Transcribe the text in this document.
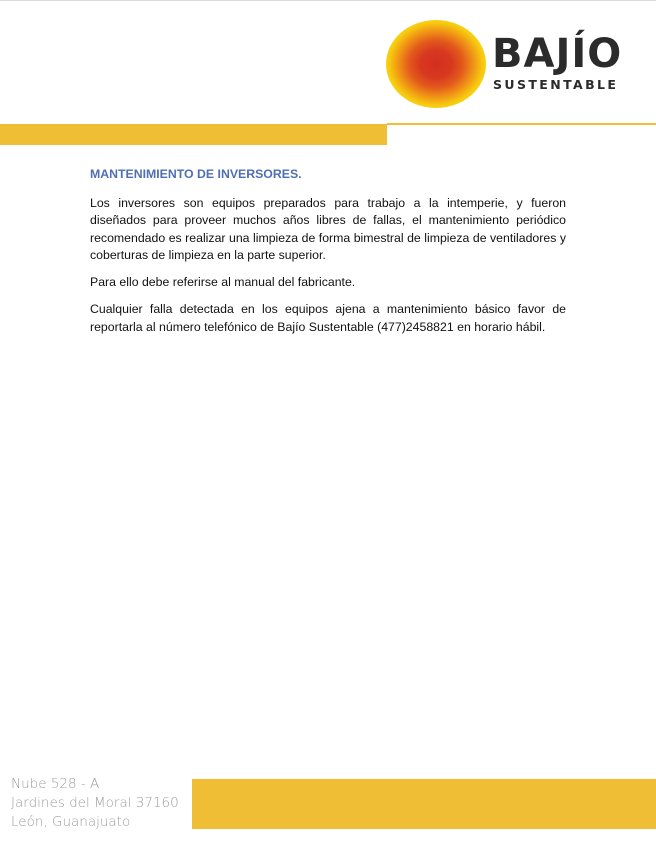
BAJÍO
SUSTENTABLE

MANTENIMIENTO DE INVERSORES.

Los inversores son equipos preparados para trabajo a la intemperie, y fueron diseñados para proveer muchos años libres de fallas, el mantenimiento periódico recomendado es realizar una limpieza de forma bimestral de limpieza de ventiladores y coberturas de limpieza en la parte superior.

Para ello debe referirse al manual del fabricante.

Cualquier falla detectada en los equipos ajena a mantenimiento básico favor de reportarla al número telefónico de Bajío Sustentable (477)2458821 en horario hábil.

Nube 528 - A
Jardines del Moral 37160
León, Guanajuato
